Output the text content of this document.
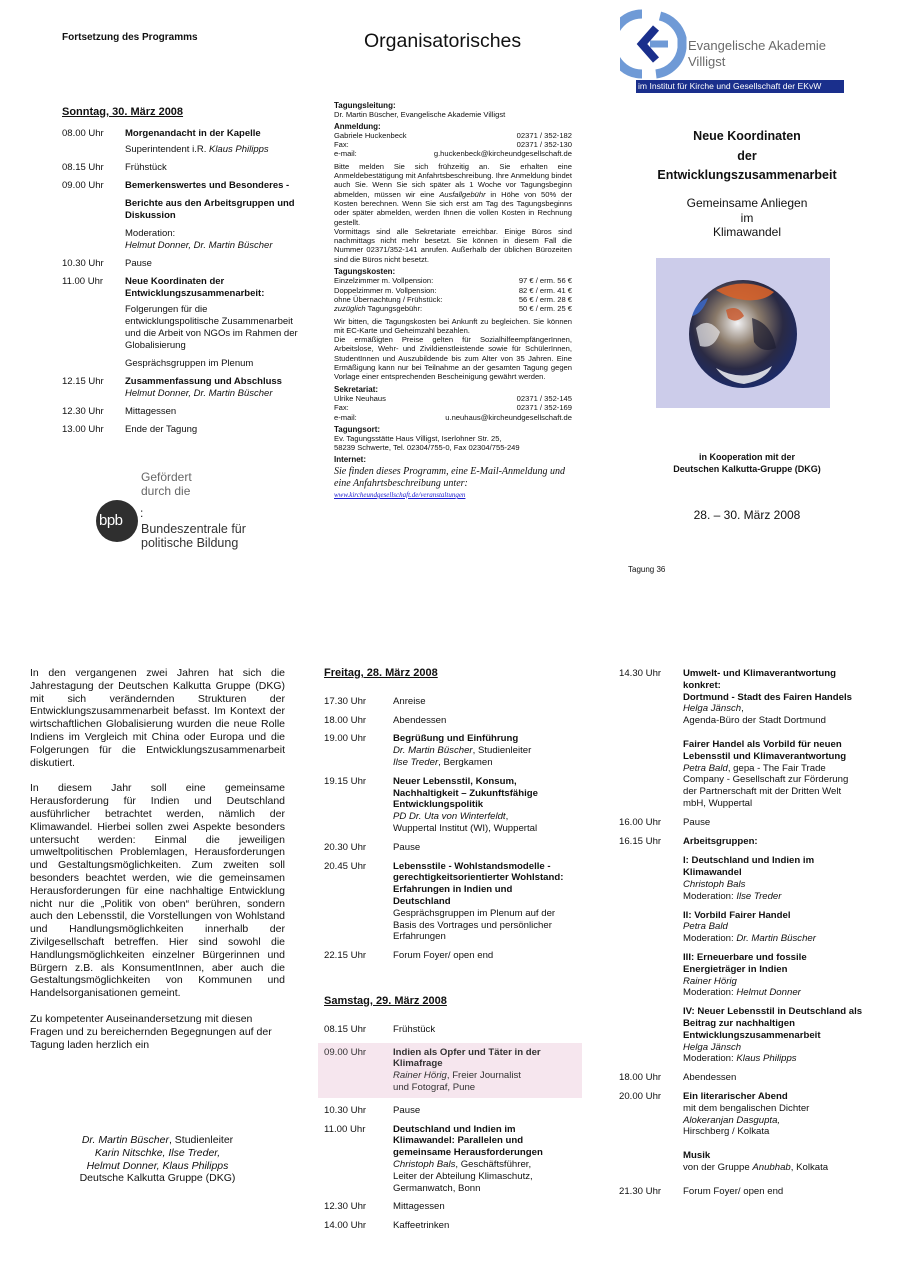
Fortsetzung des Programms
Sonntag, 30. März 2008
08.00 Uhr	Morgenandacht in der Kapelle
Superintendent i.R. Klaus Philipps
08.15 Uhr	Frühstück
09.00 Uhr	Bemerkenswertes und Besonderes -
Berichte aus den Arbeitsgruppen und Diskussion
Moderation:
Helmut Donner, Dr. Martin Büscher
10.30 Uhr	Pause
11.00 Uhr	Neue Koordinaten der Entwicklungszusammenarbeit:
Folgerungen für die entwicklungspolitische Zusammenarbeit und die Arbeit von NGOs im Rahmen der Globalisierung
Gesprächsgruppen im Plenum
12.15 Uhr	Zusammenfassung und Abschluss
Helmut Donner, Dr. Martin Büscher
12.30 Uhr	Mittagessen
13.00 Uhr	Ende der Tagung
Gefördert durch die
bpb	:
Bundeszentrale für politische Bildung
Organisatorisches
Tagungsleitung:
Dr. Martin Büscher, Evangelische Akademie Villigst
Anmeldung:
Gabriele Huckenbeck	02371 / 352-182
Fax:	02371 / 352-130
e-mail:	g.huckenbeck@kircheundgesellschaft.de

Bitte melden Sie sich frühzeitig an. Sie erhalten eine Anmeldebestätigung mit Anfahrtsbeschreibung. Ihre Anmeldung bindet auch Sie. Wenn Sie sich später als 1 Woche vor Tagungsbeginn abmelden, müssen wir eine Ausfallgebühr in Höhe von 50% der Kosten berechnen. Wenn Sie sich erst am Tag des Tagungsbeginns oder später abmelden, werden Ihnen die vollen Kosten in Rechnung gestellt.

Vormittags sind alle Sekretariate erreichbar. Einige Büros sind nachmittags nicht mehr besetzt. Sie können in diesem Fall die Nummer 02371/352-141 anrufen. Außerhalb der üblichen Bürozeiten sind die Büros nicht besetzt.

Tagungskosten:
Einzelzimmer m. Vollpension:	97 € / erm. 56 €
Doppelzimmer m. Vollpension:	82 € / erm. 41 €
ohne Übernachtung / Frühstück:	56 € / erm. 28 €
zuzüglich Tagungsgebühr:	50 € / erm. 25 €

Wir bitten, die Tagungskosten bei Ankunft zu begleichen. Sie können mit EC-Karte und Geheimzahl bezahlen.

Die ermäßigten Preise gelten für SozialhilfeempfängerInnen, Arbeitslose, Wehr- und Zivildienstleistende sowie für SchülerInnen, StudentInnen und Auszubildende bis zum Alter von 35 Jahren. Eine Ermäßigung kann nur bei Teilnahme an der gesamten Tagung gegen Vorlage einer entsprechenden Bescheinigung gewährt werden.

Sekretariat:
Ulrike Neuhaus	02371 / 352-145
Fax:	02371 / 352-169
e-mail:	u.neuhaus@kircheundgesellschaft.de
Tagungsort:
Ev. Tagungsstätte Haus Villigst, Iserlohner Str. 25,
58239 Schwerte, Tel. 02304/755-0, Fax 02304/755-249
Internet:
Sie finden dieses Programm, eine E-Mail-Anmeldung und eine Anfahrtsbeschreibung unter:
www.kircheundgesellschaft.de/veranstaltungen
Evangelische Akademie
Villigst
im Institut für Kirche und Gesellschaft der EKvW
Neue Koordinaten
der
Entwicklungszusammenarbeit
Gemeinsame Anliegen
im
Klimawandel
in Kooperation mit der
Deutschen Kalkutta-Gruppe (DKG)
28. – 30. März 2008
Tagung 36

In den vergangenen zwei Jahren hat sich die Jahrestagung der Deutschen Kalkutta Gruppe (DKG) mit sich verändernden Strukturen der Entwicklungszusammenarbeit befasst. Im Kontext der wirtschaftlichen Globalisierung wurden die neue Rolle Indiens im Vergleich mit China oder Europa und die Folgerungen für die Entwicklungszusammenarbeit diskutiert.

In diesem Jahr soll eine gemeinsame Herausforderung für Indien und Deutschland ausführlicher betrachtet werden, nämlich der Klimawandel. Hierbei sollen zwei Aspekte besonders untersucht werden: Einmal die jeweiligen umweltpolitischen Problemlagen, Herausforderungen und Gestaltungsmöglichkeiten. Zum zweiten soll besonders beachtet werden, wie die gemeinsamen Herausforderungen für eine nachhaltige Entwicklung nicht nur die „Politik von oben“ berühren, sondern auch den Lebensstil, die Vorstellungen von Wohlstand und Handlungsmöglichkeiten innerhalb der Zivilgesellschaft betreffen. Hier sind sowohl die Handlungsmöglichkeiten einzelner Bürgerinnen und Bürgern z.B. als KonsumentInnen, aber auch die Gestaltungsmöglichkeiten von Kommunen und Handelsorganisationen gemeint.

Zu kompetenter Auseinandersetzung mit diesen Fragen und zu bereichernden Begegnungen auf der Tagung laden herzlich ein

Dr. Martin Büscher, Studienleiter
Karin Nitschke, Ilse Treder,
Helmut Donner, Klaus Philipps
Deutsche Kalkutta Gruppe (DKG)
Freitag, 28. März 2008
17.30 Uhr	Anreise
18.00 Uhr	Abendessen
19.00 Uhr	Begrüßung und Einführung
Dr. Martin Büscher, Studienleiter
Ilse Treder, Bergkamen
19.15 Uhr	Neuer Lebensstil, Konsum, Nachhaltigkeit – Zukunftsfähige Entwicklungspolitik
PD Dr. Uta von Winterfeldt,
Wuppertal Institut (WI), Wuppertal
20.30 Uhr	Pause
20.45 Uhr	Lebensstile - Wohlstandsmodelle - gerechtigkeitsorientierter Wohlstand: Erfahrungen in Indien und Deutschland
Gesprächsgruppen im Plenum auf der Basis des Vortrages und persönlicher Erfahrungen
22.15 Uhr	Forum Foyer/ open end
Samstag, 29. März 2008
08.15 Uhr	Frühstück
09.00 Uhr	Indien als Opfer und Täter in der Klimafrage
Rainer Hörig, Freier Journalist
und Fotograf, Pune
10.30 Uhr	Pause
11.00 Uhr	Deutschland und Indien im Klimawandel: Parallelen und gemeinsame Herausforderungen
Christoph Bals, Geschäftsführer,
Leiter der Abteilung Klimaschutz,
Germanwatch, Bonn
12.30 Uhr	Mittagessen
14.00 Uhr	Kaffeetrinken
14.30 Uhr	Umwelt- und Klimaverantwortung konkret:
Dortmund - Stadt des Fairen Handels
Helga Jänsch,
Agenda-Büro der Stadt Dortmund
Fairer Handel als Vorbild für neuen Lebensstil und Klimaverantwortung
Petra Bald, gepa - The Fair Trade Company - Gesellschaft zur Förderung der Partnerschaft mit der Dritten Welt mbH, Wuppertal
16.00 Uhr	Pause
16.15 Uhr	Arbeitsgruppen:
I: Deutschland und Indien im Klimawandel
Christoph Bals
Moderation: Ilse Treder
II: Vorbild Fairer Handel
Petra Bald
Moderation: Dr. Martin Büscher
III: Erneuerbare und fossile Energieträger in Indien
Rainer Hörig
Moderation: Helmut Donner
IV: Neuer Lebensstil in Deutschland als Beitrag zur nachhaltigen Entwicklungszusammenarbeit
Helga Jänsch
Moderation: Klaus Philipps
18.00 Uhr	Abendessen
20.00 Uhr	Ein literarischer Abend
mit dem bengalischen Dichter
Alokeranjan Dasgupta,
Hirschberg / Kolkata
Musik
von der Gruppe Anubhab, Kolkata
21.30 Uhr	Forum Foyer/ open end
